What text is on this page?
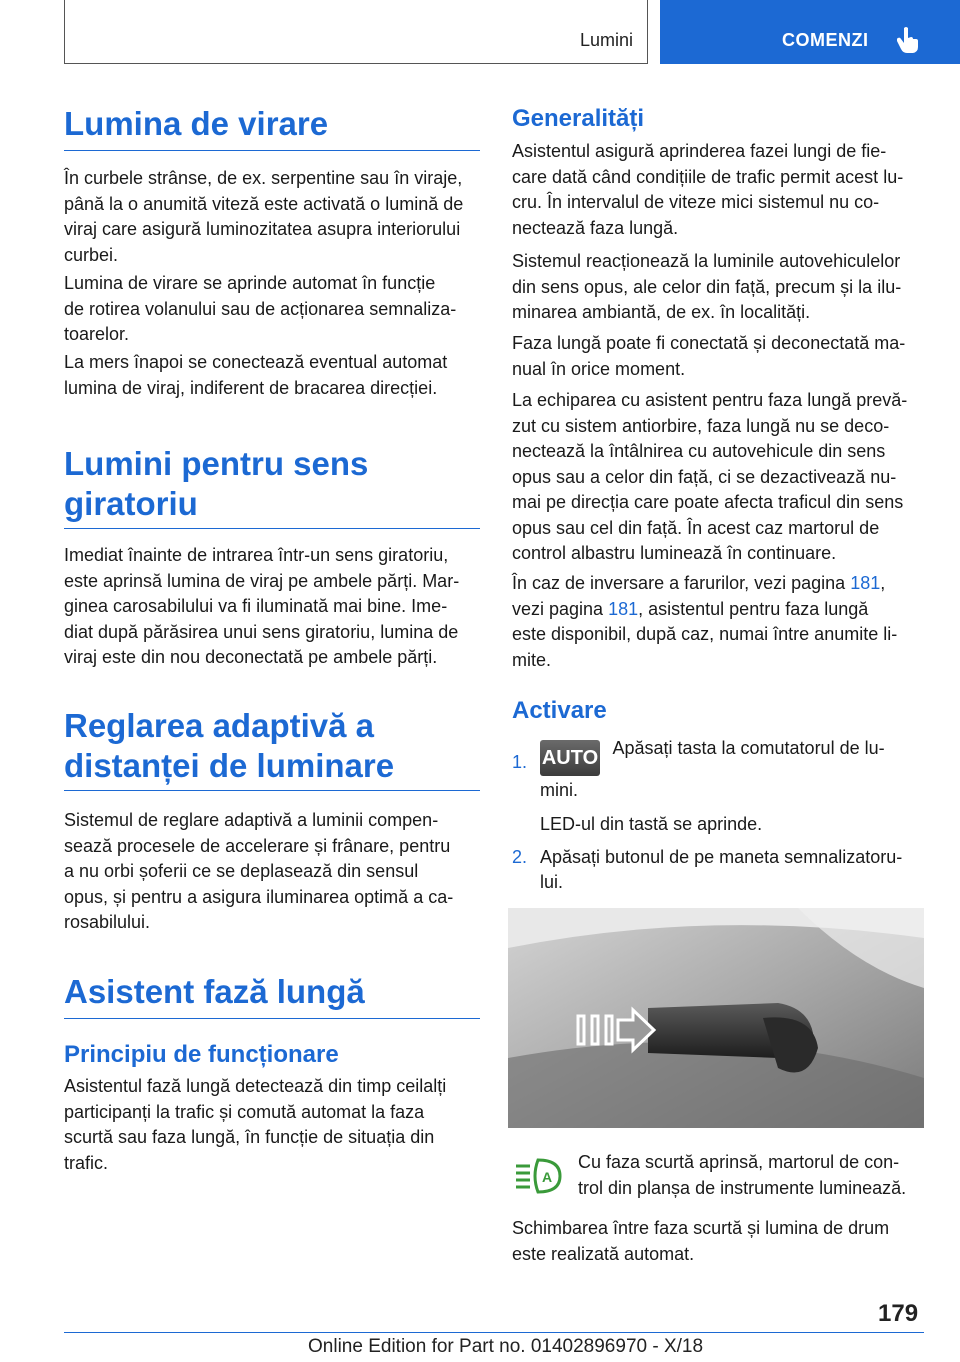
Lumini	COMENZI
Lumina de virare

În curbele strânse, de ex. serpentine sau în viraje,

până la o anumită viteză este activată o lumină de

viraj care asigură luminozitatea asupra interiorului

curbei.

Lumina de virare se aprinde automat în funcție

de rotirea volanului sau de acționarea semnaliza-

toarelor.

La mers înapoi se conectează eventual automat

lumina de viraj, indiferent de bracarea direcției.

Lumini pentru sens
giratoriu

Imediat înainte de intrarea într-un sens giratoriu,

este aprinsă lumina de viraj pe ambele părți. Mar-

ginea carosabilului va fi iluminată mai bine. Ime-

diat după părăsirea unui sens giratoriu, lumina de

viraj este din nou deconectată pe ambele părți.

Reglarea adaptivă a
distanței de luminare

Sistemul de reglare adaptivă a luminii compen-

sează procesele de accelerare și frânare, pentru

a nu orbi șoferii ce se deplasează din sensul

opus, și pentru a asigura iluminarea optimă a ca-

rosabilului.

Asistent fază lungă
Principiu de funcționare

Asistentul fază lungă detectează din timp ceilalți

participanți la trafic și comută automat la faza

scurtă sau faza lungă, în funcție de situația din

trafic.

Generalități

Asistentul asigură aprinderea fazei lungi de fie-

care dată când condițiile de trafic permit acest lu-

cru. În intervalul de viteze mici sistemul nu co-

nectează faza lungă.

Sistemul reacționează la luminile autovehiculelor

din sens opus, ale celor din față, precum și la ilu-

minarea ambiantă, de ex. în localități.

Faza lungă poate fi conectată și deconectată ma-

nual în orice moment.

La echiparea cu asistent pentru faza lungă prevă-

zut cu sistem antiorbire, faza lungă nu se deco-

nectează la întâlnirea cu autovehicule din sens

opus sau a celor din față, ci se dezactivează nu-

mai pe direcția care poate afecta traficul din sens

opus sau cel din față. În acest caz martorul de

control albastru luminează în continuare.

În caz de inversare a farurilor, vezi pagina 181,

vezi pagina 181, asistentul pentru faza lungă

este disponibil, după caz, numai între anumite li-

mite.

Activare
1. AUTO Apăsați tasta la comutatorul de lu-

mini.

LED-ul din tastă se aprinde.

2. Apăsați butonul de pe maneta semnalizatoru-

lui.

A

Cu faza scurtă aprinsă, martorul de con-

trol din planșa de instrumente luminează.

Schimbarea între faza scurtă și lumina de drum

este realizată automat.

179
Online Edition for Part no. 01402896970 - X/18
